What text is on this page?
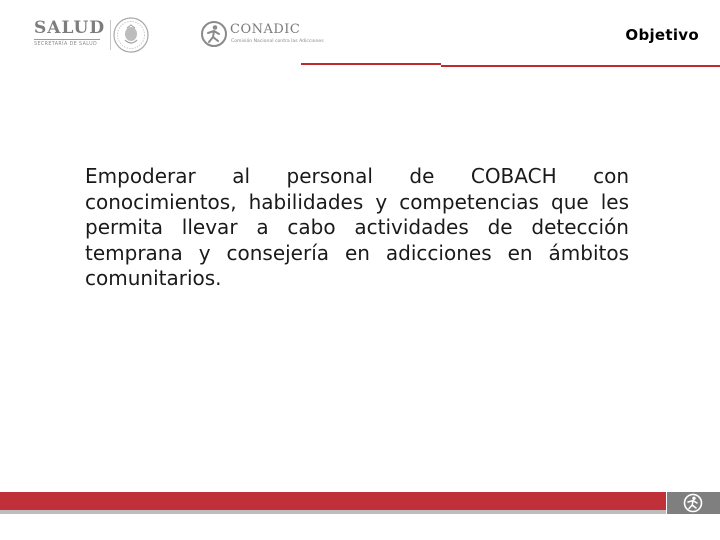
SALUD
SECRETARÍA DE SALUD
CONADIC
Comisión Nacional contra las Adicciones	Objetivo
Empoderar al personal de COBACH con conocimientos, habilidades y competencias que les permita llevar a cabo actividades de detección temprana y consejería en adicciones en ámbitos comunitarios.
